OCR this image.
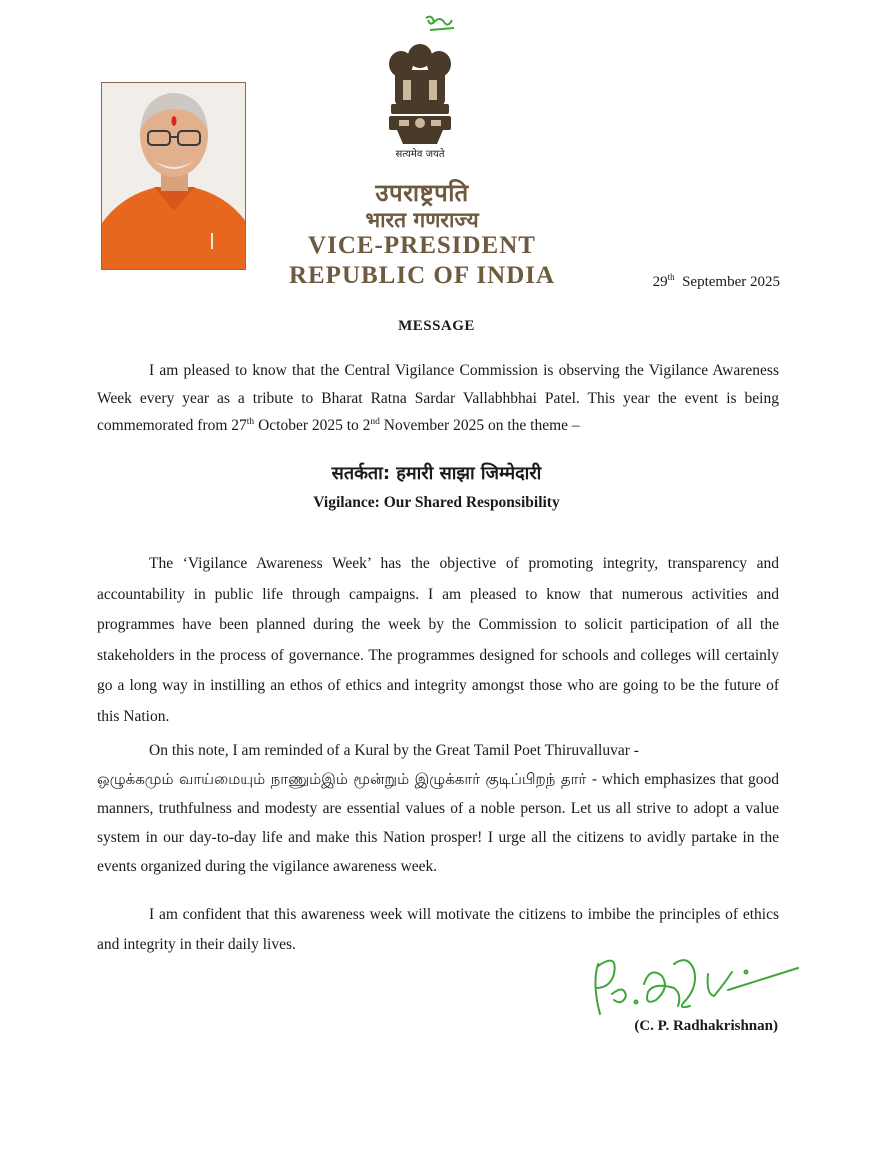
सत्यमेव जयते
उपराष्ट्रपति
भारत गणराज्य
VICE-PRESIDENT
REPUBLIC OF INDIA	29th September 2025
MESSAGE
I am pleased to know that the Central Vigilance Commission is observing the Vigilance Awareness Week every year as a tribute to Bharat Ratna Sardar Vallabhbhai Patel. This year the event is being commemorated from 27th October 2025 to 2nd November 2025 on the theme –
सतर्कता: हमारी साझा जिम्मेदारी
Vigilance: Our Shared Responsibility
The ‘Vigilance Awareness Week’ has the objective of promoting integrity, transparency and accountability in public life through campaigns. I am pleased to know that numerous activities and programmes have been planned during the week by the Commission to solicit participation of all the stakeholders in the process of governance. The programmes designed for schools and colleges will certainly go a long way in instilling an ethos of ethics and integrity amongst those who are going to be the future of this Nation.
On this note, I am reminded of a Kural by the Great Tamil Poet Thiruvalluvar -
ஒழுக்கமும் வாய்மையும் நாணும்இம் மூன்றும் இழுக்கார் குடிப்பிறந் தார் - which emphasizes that good manners, truthfulness and modesty are essential values of a noble person. Let us all strive to adopt a value system in our day-to-day life and make this Nation prosper! I urge all the citizens to avidly partake in the events organized during the vigilance awareness week.
I am confident that this awareness week will motivate the citizens to imbibe the principles of ethics and integrity in their daily lives.
(C. P. Radhakrishnan)
